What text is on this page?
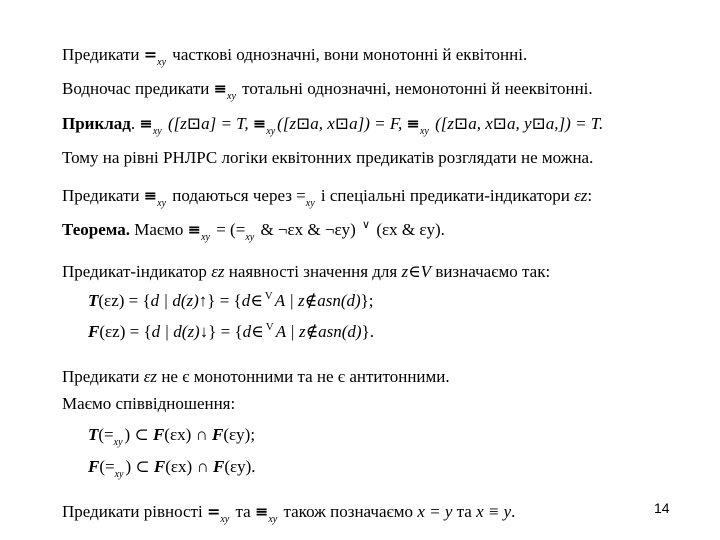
Предикати $=_{xy}$ часткові однозначні, вони монотонні й еквітонні.
Водночас предикати $\equiv_{xy}$ тотальні однозначні, немонотонні й нееквітонні.
Приклад. $\equiv_{xy}$ ([z⊡a] = T, $\equiv_{xy}$ ([z⊡a, x⊡a]) = F, $\equiv_{xy}$ ([z⊡a, x⊡a, y⊡a,]) = T.
Тому на рівні РНЛРС логіки еквітонних предикатів розглядати не можна.
Предикати $\equiv_{xy}$ подаються через $=_{xy}$ і спеціальні предикати-індикатори εz:
Теорема. Маємо $\equiv_{xy} = (=_{xy}$ & ¬εx & ¬εy) ∨ (εx & εy).
Предикат-індикатор εz наявності значення для z∈V визначаємо так:
T(εz) = {d | d(z)↑} = {d∈ $^V$ A | z∉asn(d)};
F(εz) = {d | d(z)↓} = {d∈ $^V$ A | z∉asn(d)}.
Предикати εz не є монотонними та не є антитонними.
Маємо співвідношення:
$T(=_{xy}$ ) ⊂ F(εx) ∩ F(εy);
$F(=_{xy}$ ) ⊂ F(εx) ∩ F(εy).
Предикати рівності $=_{xy}$ та $\equiv_{xy}$ також позначаємо x = y та x ≡ y.	14
